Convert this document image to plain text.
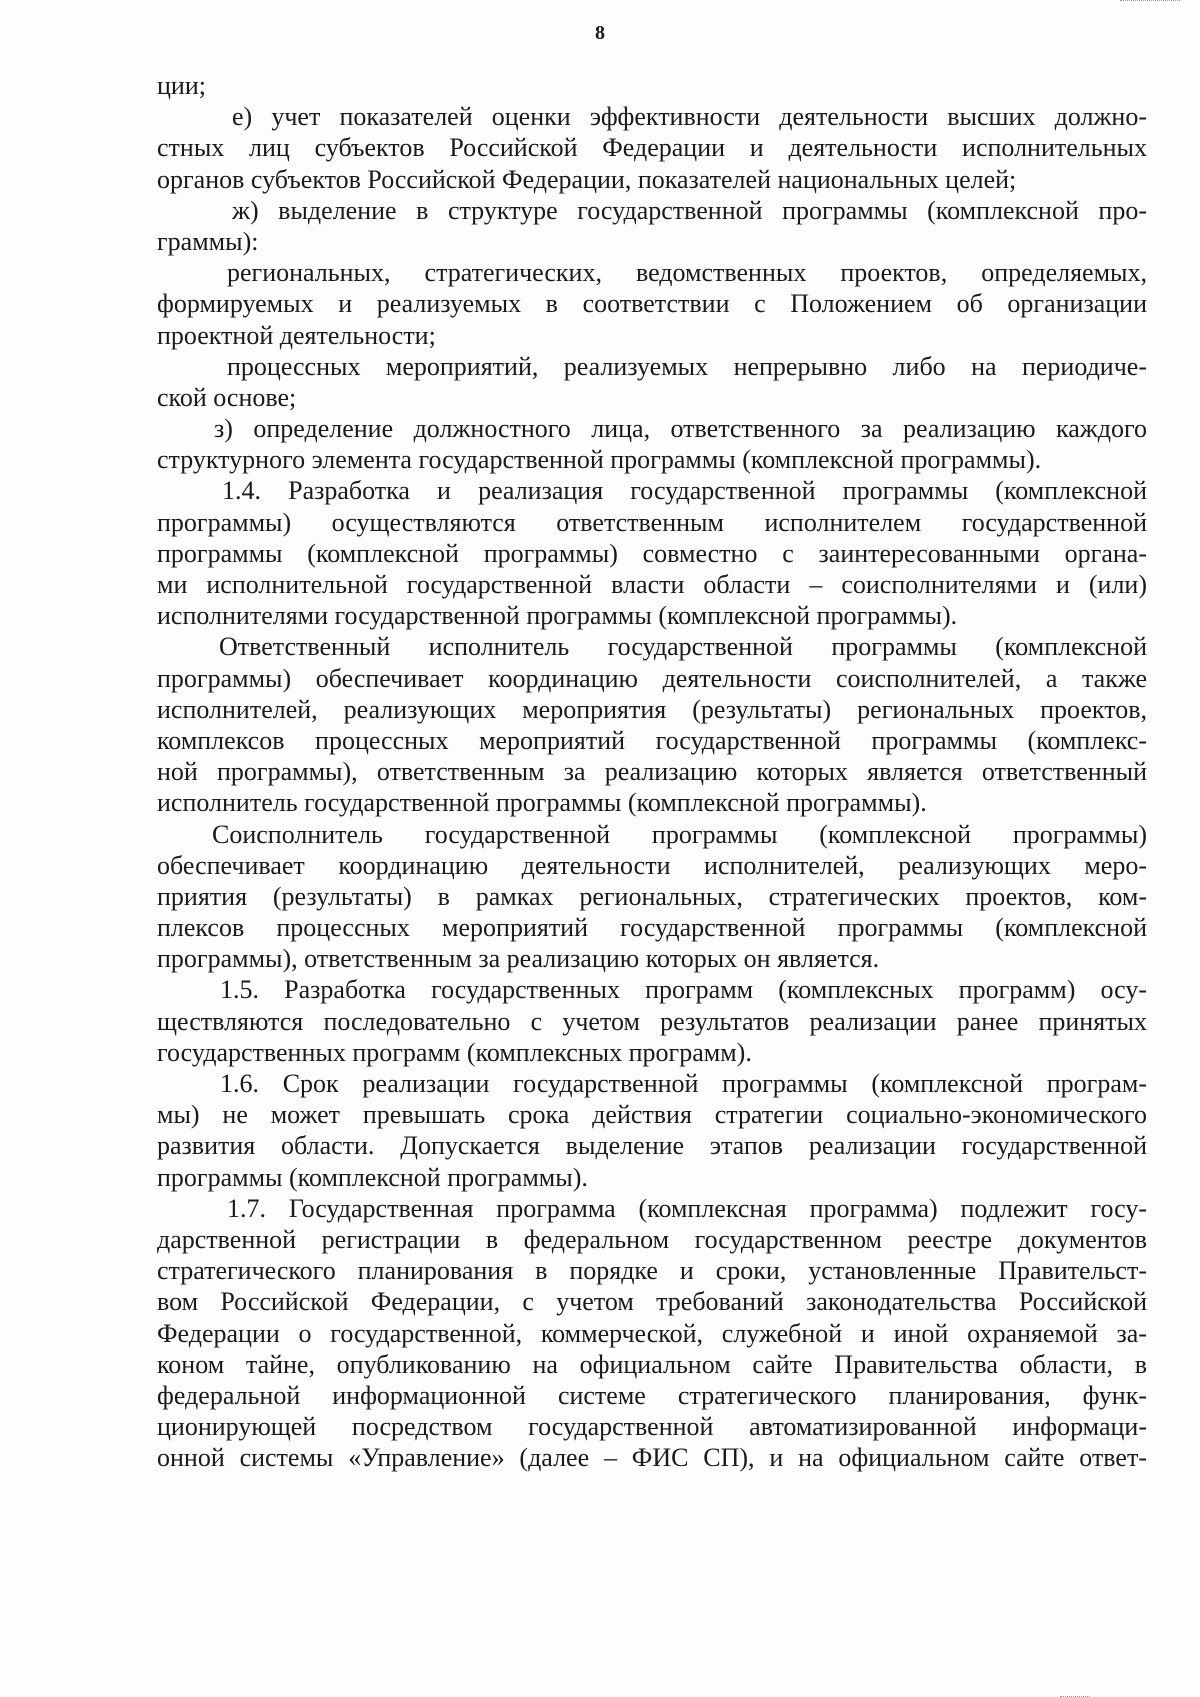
8
ции;
е) учет показателей оценки эффективности деятельности высших должно-
стных лиц субъектов Российской Федерации и деятельности исполнительных
органов субъектов Российской Федерации, показателей национальных целей;
ж) выделение в структуре государственной программы (комплексной про-
граммы):
региональных, стратегических, ведомственных проектов, определяемых,
формируемых и реализуемых в соответствии с Положением об организации
проектной деятельности;
процессных мероприятий, реализуемых непрерывно либо на периодиче-
ской основе;
з) определение должностного лица, ответственного за реализацию каждого
структурного элемента государственной программы (комплексной программы).
1.4. Разработка и реализация государственной программы (комплексной
программы) осуществляются ответственным исполнителем государственной
программы (комплексной программы) совместно с заинтересованными органа-
ми исполнительной государственной власти области – соисполнителями и (или)
исполнителями государственной программы (комплексной программы).
Ответственный исполнитель государственной программы (комплексной
программы) обеспечивает координацию деятельности соисполнителей, а также
исполнителей, реализующих мероприятия (результаты) региональных проектов,
комплексов процессных мероприятий государственной программы (комплекс-
ной программы), ответственным за реализацию которых является ответственный
исполнитель государственной программы (комплексной программы).
Соисполнитель государственной программы (комплексной программы)
обеспечивает координацию деятельности исполнителей, реализующих меро-
приятия (результаты) в рамках региональных, стратегических проектов, ком-
плексов процессных мероприятий государственной программы (комплексной
программы), ответственным за реализацию которых он является.
1.5. Разработка государственных программ (комплексных программ) осу-
ществляются последовательно с учетом результатов реализации ранее принятых
государственных программ (комплексных программ).
1.6. Срок реализации государственной программы (комплексной програм-
мы) не может превышать срока действия стратегии социально-экономического
развития области. Допускается выделение этапов реализации государственной
программы (комплексной программы).
1.7. Государственная программа (комплексная программа) подлежит госу-
дарственной регистрации в федеральном государственном реестре документов
стратегического планирования в порядке и сроки, установленные Правительст-
вом Российской Федерации, с учетом требований законодательства Российской
Федерации о государственной, коммерческой, служебной и иной охраняемой за-
коном тайне, опубликованию на официальном сайте Правительства области, в
федеральной информационной системе стратегического планирования, функ-
ционирующей посредством государственной автоматизированной информаци-
онной системы «Управление» (далее – ФИС СП), и на официальном сайте ответ-
